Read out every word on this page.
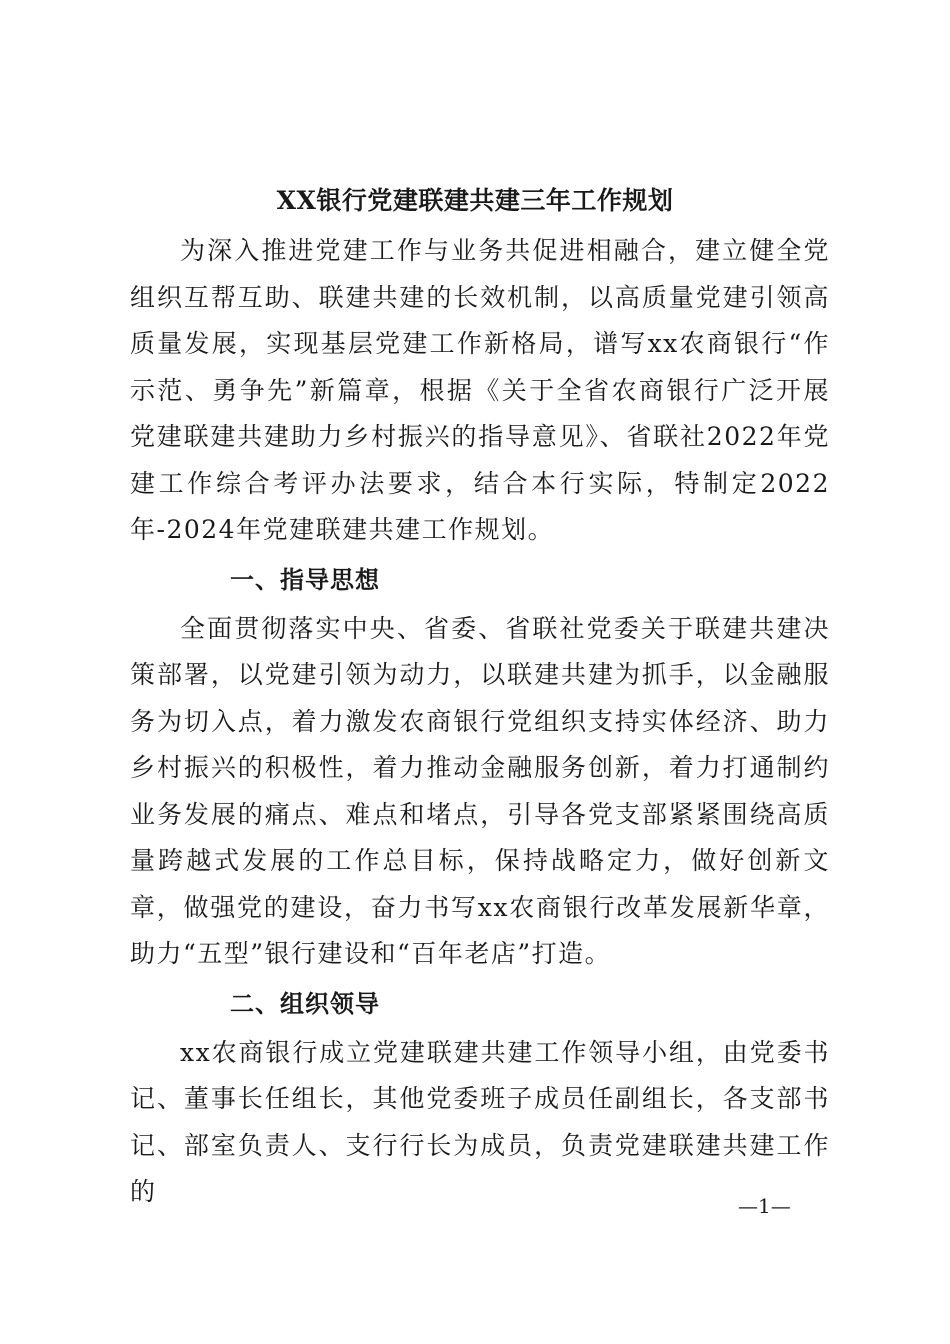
XX银行党建联建共建三年工作规划

为深入推进党建工作与业务共促进相融合，建立健全党组织互帮互助、联建共建的长效机制，以高质量党建引领高质量发展，实现基层党建工作新格局，谱写xx农商银行“作示范、勇争先”新篇章，根据《关于全省农商银行广泛开展党建联建共建助力乡村振兴的指导意见》、省联社2022年党建工作综合考评办法要求，结合本行实际，特制定2022年-2024年党建联建共建工作规划。

一、指导思想

全面贯彻落实中央、省委、省联社党委关于联建共建决策部署，以党建引领为动力，以联建共建为抓手，以金融服务为切入点，着力激发农商银行党组织支持实体经济、助力乡村振兴的积极性，着力推动金融服务创新，着力打通制约业务发展的痛点、难点和堵点，引导各党支部紧紧围绕高质量跨越式发展的工作总目标，保持战略定力，做好创新文章，做强党的建设，奋力书写xx农商银行改革发展新华章，助力“五型”银行建设和“百年老店”打造。

二、组织领导

xx农商银行成立党建联建共建工作领导小组，由党委书记、董事长任组长，其他党委班子成员任副组长，各支部书记、部室负责人、支行行长为成员，负责党建联建共建工作的	—1—
